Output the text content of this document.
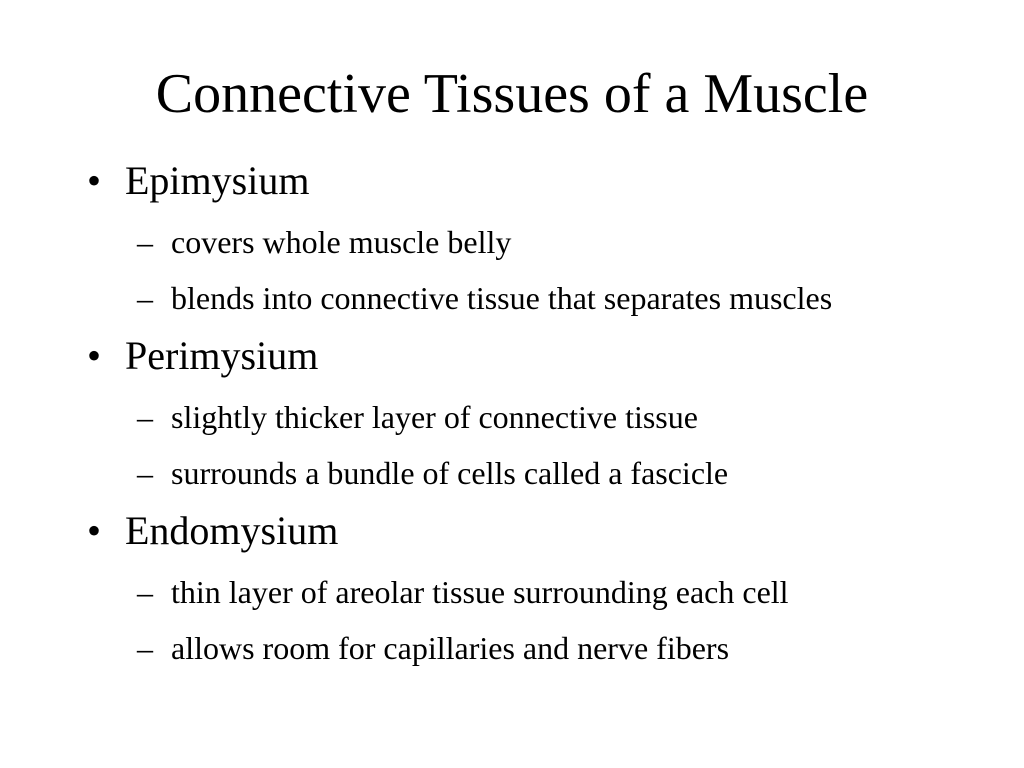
Connective Tissues of a Muscle
• Epimysium
– covers whole muscle belly
– blends into connective tissue that separates muscles
• Perimysium
– slightly thicker layer of connective tissue
– surrounds a bundle of cells called a fascicle
• Endomysium
– thin layer of areolar tissue surrounding each cell
– allows room for capillaries and nerve fibers
